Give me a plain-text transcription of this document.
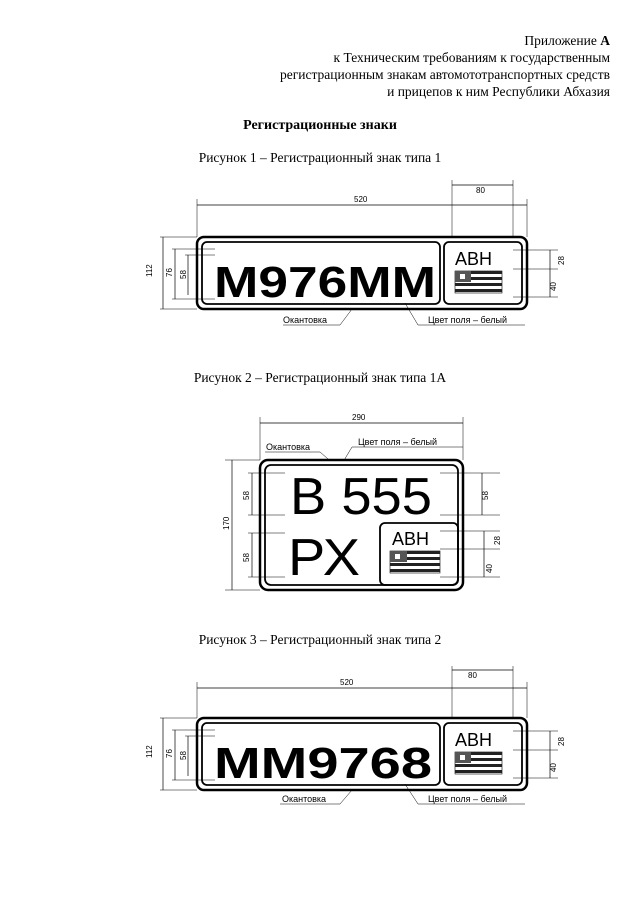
Приложение А
к Техническим требованиям к государственным
регистрационным знакам автомототранспортных средств
и прицепов к ним Республики Абхазия
Регистрационные знаки
Рисунок 1 – Регистрационный знак типа 1
520
80
М976ММ АВН
112 76 58
28
40
Окантовка	Цвет поля – белый
Рисунок 2 – Регистрационный знак типа 1А
290
Окантовка	Цвет поля – белый
В 555
РХ АВН
170
58
58
58
28
40
Рисунок 3 – Регистрационный знак типа 2
520
80
ММ9768 АВН
112 76 58
28
40
Окантовка	Цвет поля – белый
